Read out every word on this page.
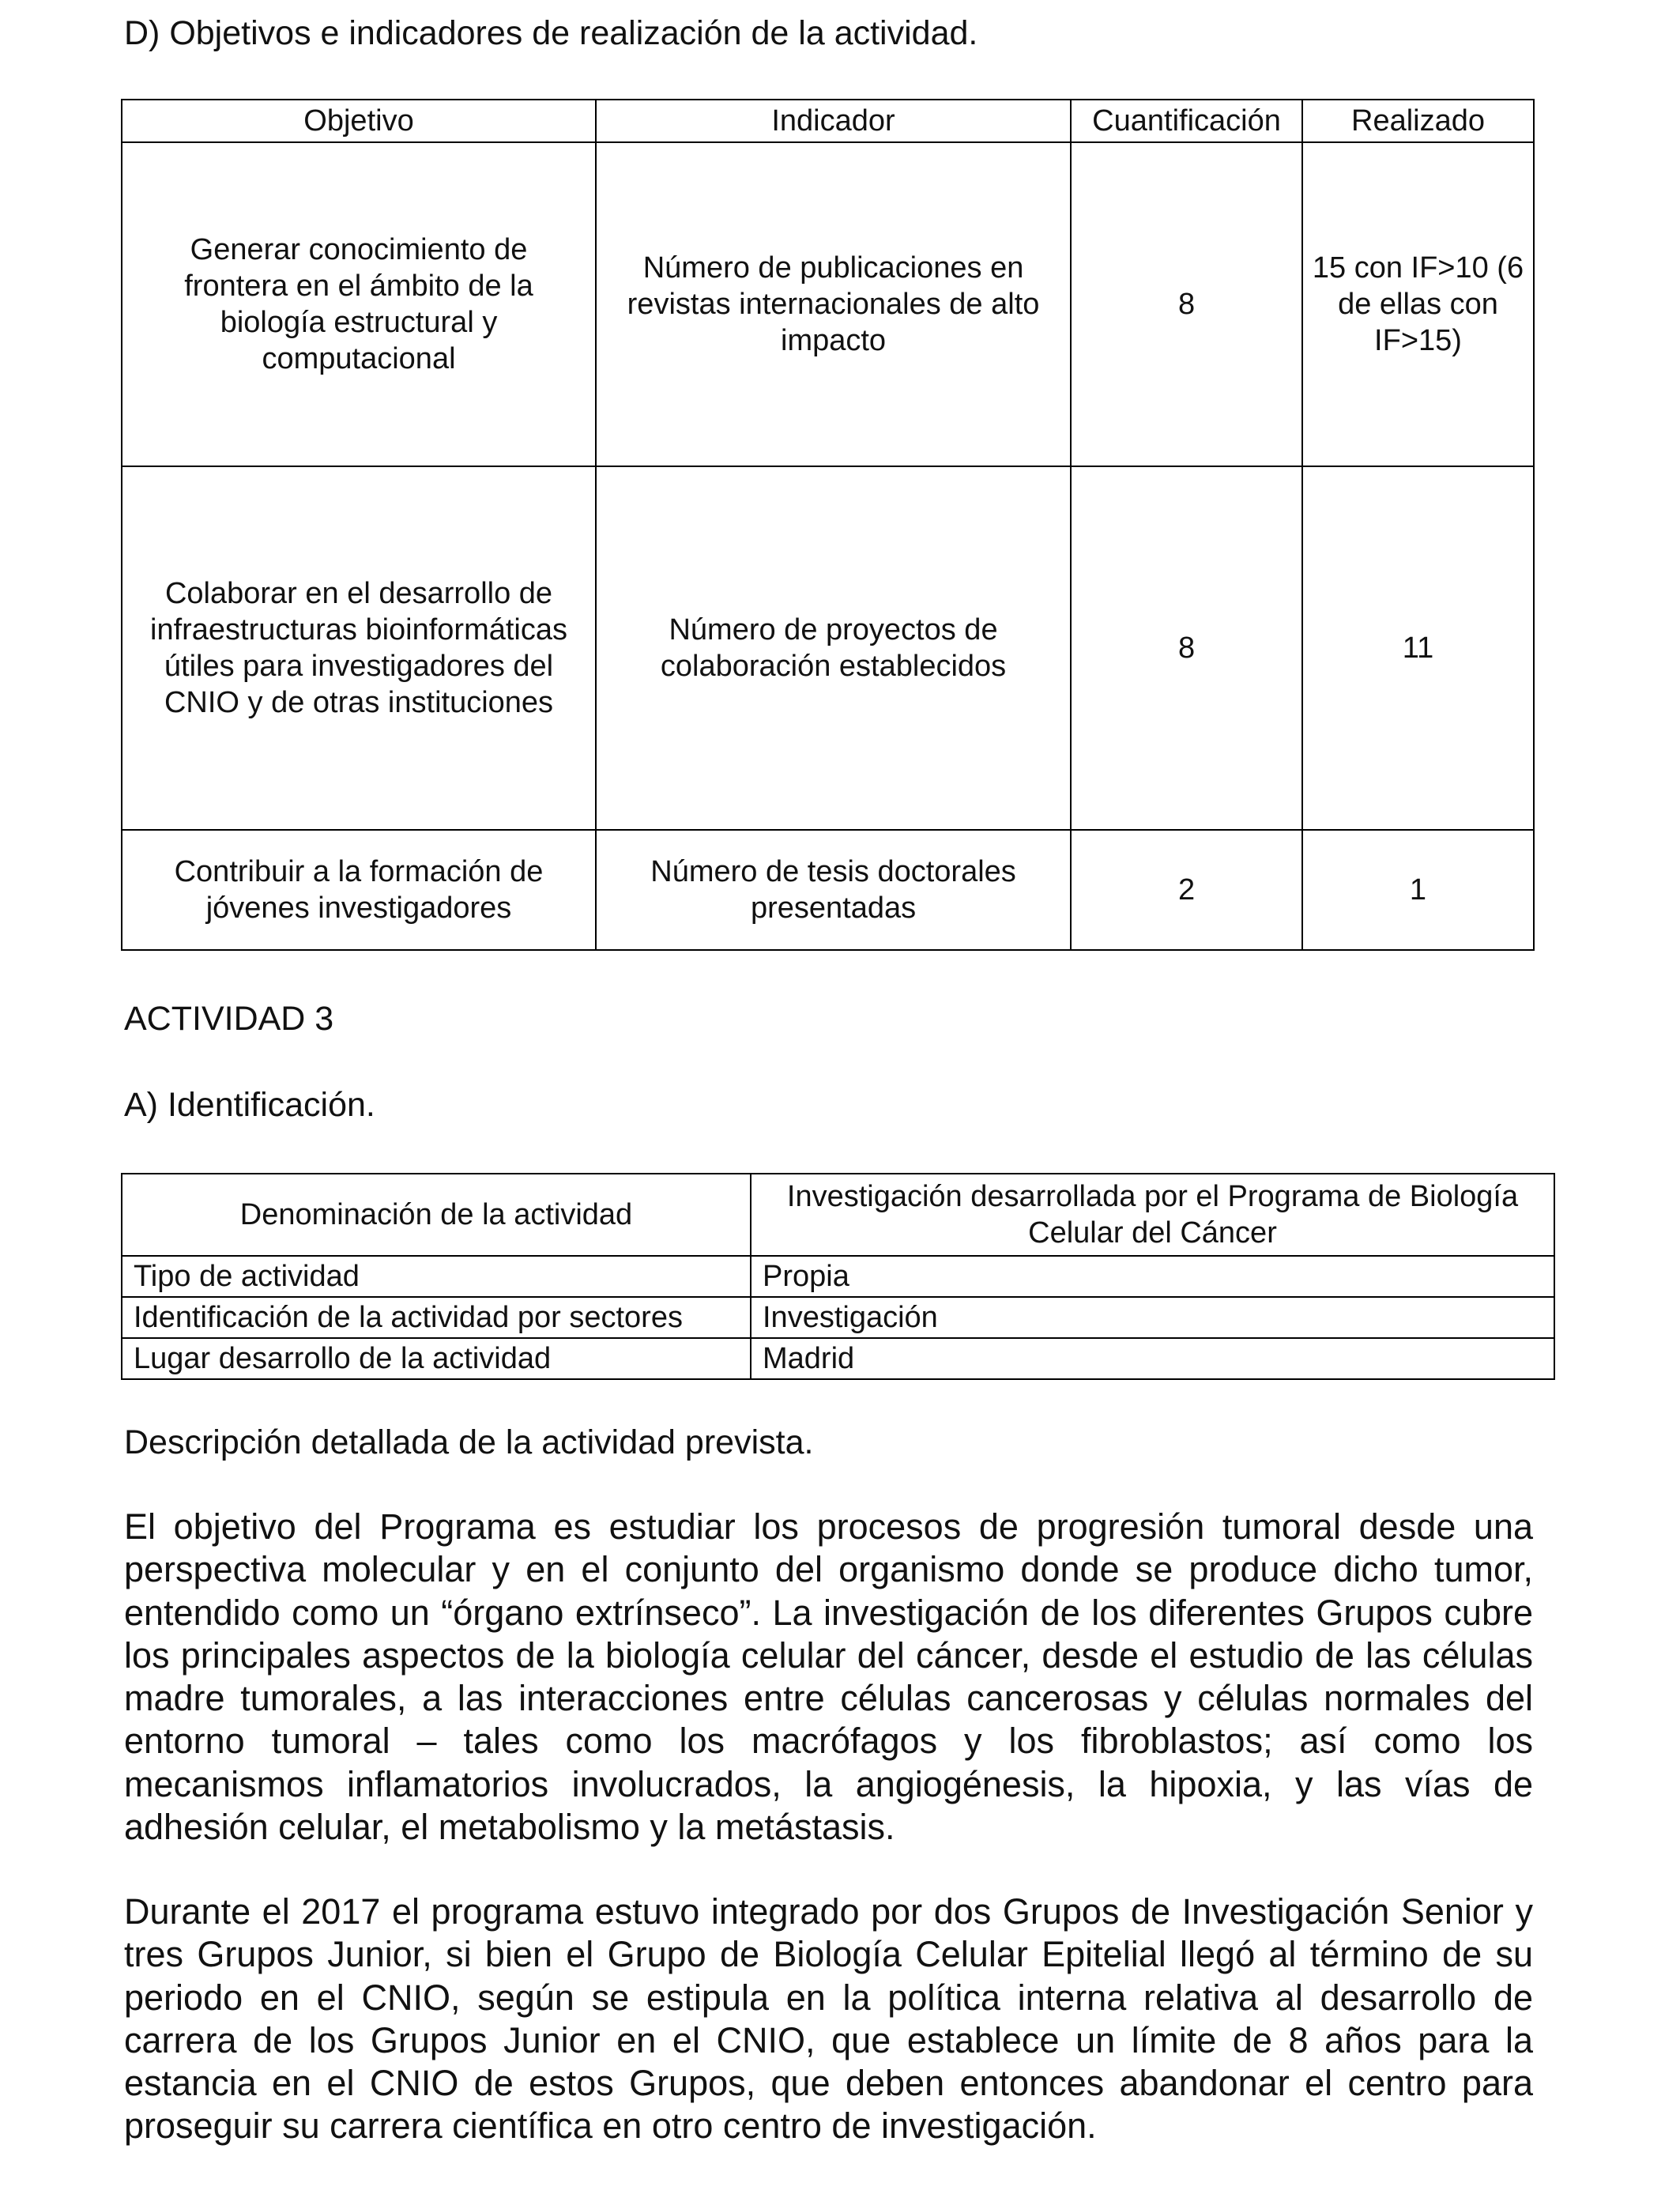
D) Objetivos e indicadores de realización de la actividad.
Objetivo	Indicador	Cuantificación	Realizado

Generar conocimiento de frontera en el ámbito de la biología estructural y computacional	Número de publicaciones en revistas internacionales de alto impacto	8	15 con IF>10 (6 de ellas con IF>15)
Colaborar en el desarrollo de infraestructuras bioinformáticas útiles para investigadores del CNIO y de otras instituciones	Número de proyectos de colaboración establecidos	8	11

Contribuir a la formación de jóvenes investigadores	Número de tesis doctorales presentadas	2	1
ACTIVIDAD 3
A) Identificación.
Denominación de la actividad	Investigación desarrollada por el Programa de Biología Celular del Cáncer

Tipo de actividad	Propia
Identificación de la actividad por sectores	Investigación
Lugar desarrollo de la actividad	Madrid
Descripción detallada de la actividad prevista.

El objetivo del Programa es estudiar los procesos de progresión tumoral desde una perspectiva molecular y en el conjunto del organismo donde se produce dicho tumor, entendido como un “órgano extrínseco”. La investigación de los diferentes Grupos cubre los principales aspectos de la biología celular del cáncer, desde el estudio de las células madre tumorales, a las interacciones entre células cancerosas y células normales del entorno tumoral – tales como los macrófagos y los fibroblastos; así como los mecanismos inflamatorios involucrados, la angiogénesis, la hipoxia, y las vías de adhesión celular, el metabolismo y la metástasis.

Durante el 2017 el programa estuvo integrado por dos Grupos de Investigación Senior y tres Grupos Junior, si bien el Grupo de Biología Celular Epitelial llegó al término de su periodo en el CNIO, según se estipula en la política interna relativa al desarrollo de carrera de los Grupos Junior en el CNIO, que establece un límite de 8 años para la estancia en el CNIO de estos Grupos, que deben entonces abandonar el centro para proseguir su carrera científica en otro centro de investigación.
